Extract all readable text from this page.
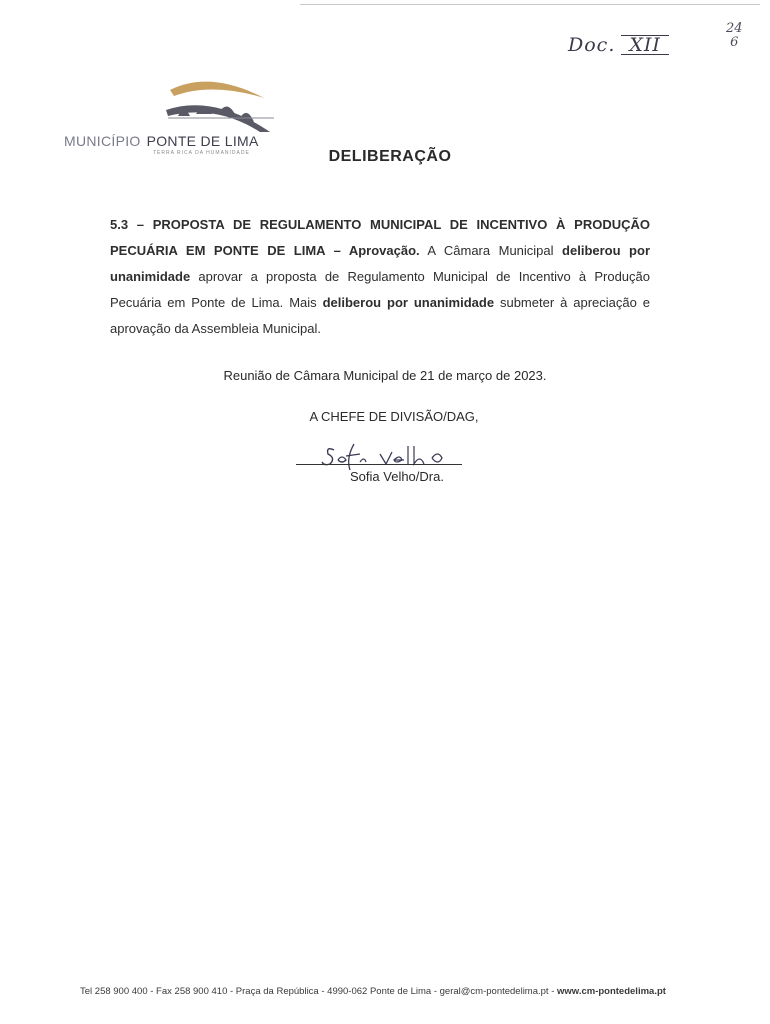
Doc. XII
24
6
MUNICÍPIO PONTE DE LIMA
TERRA RICA DA HUMANIDADE	DELIBERAÇÃO
5.3 – PROPOSTA DE REGULAMENTO MUNICIPAL DE INCENTIVO À PRODUÇÃO PECUÁRIA EM PONTE DE LIMA – Aprovação. A Câmara Municipal deliberou por unanimidade aprovar a proposta de Regulamento Municipal de Incentivo à Produção Pecuária em Ponte de Lima. Mais deliberou por unanimidade submeter à apreciação e aprovação da Assembleia Municipal.
Reunião de Câmara Municipal de 21 de março de 2023.
A CHEFE DE DIVISÃO/DAG,
Sofia Velho/Dra.
Tel 258 900 400 - Fax 258 900 410 - Praça da República - 4990-062 Ponte de Lima - geral@cm-pontedelima.pt - www.cm-pontedelima.pt
